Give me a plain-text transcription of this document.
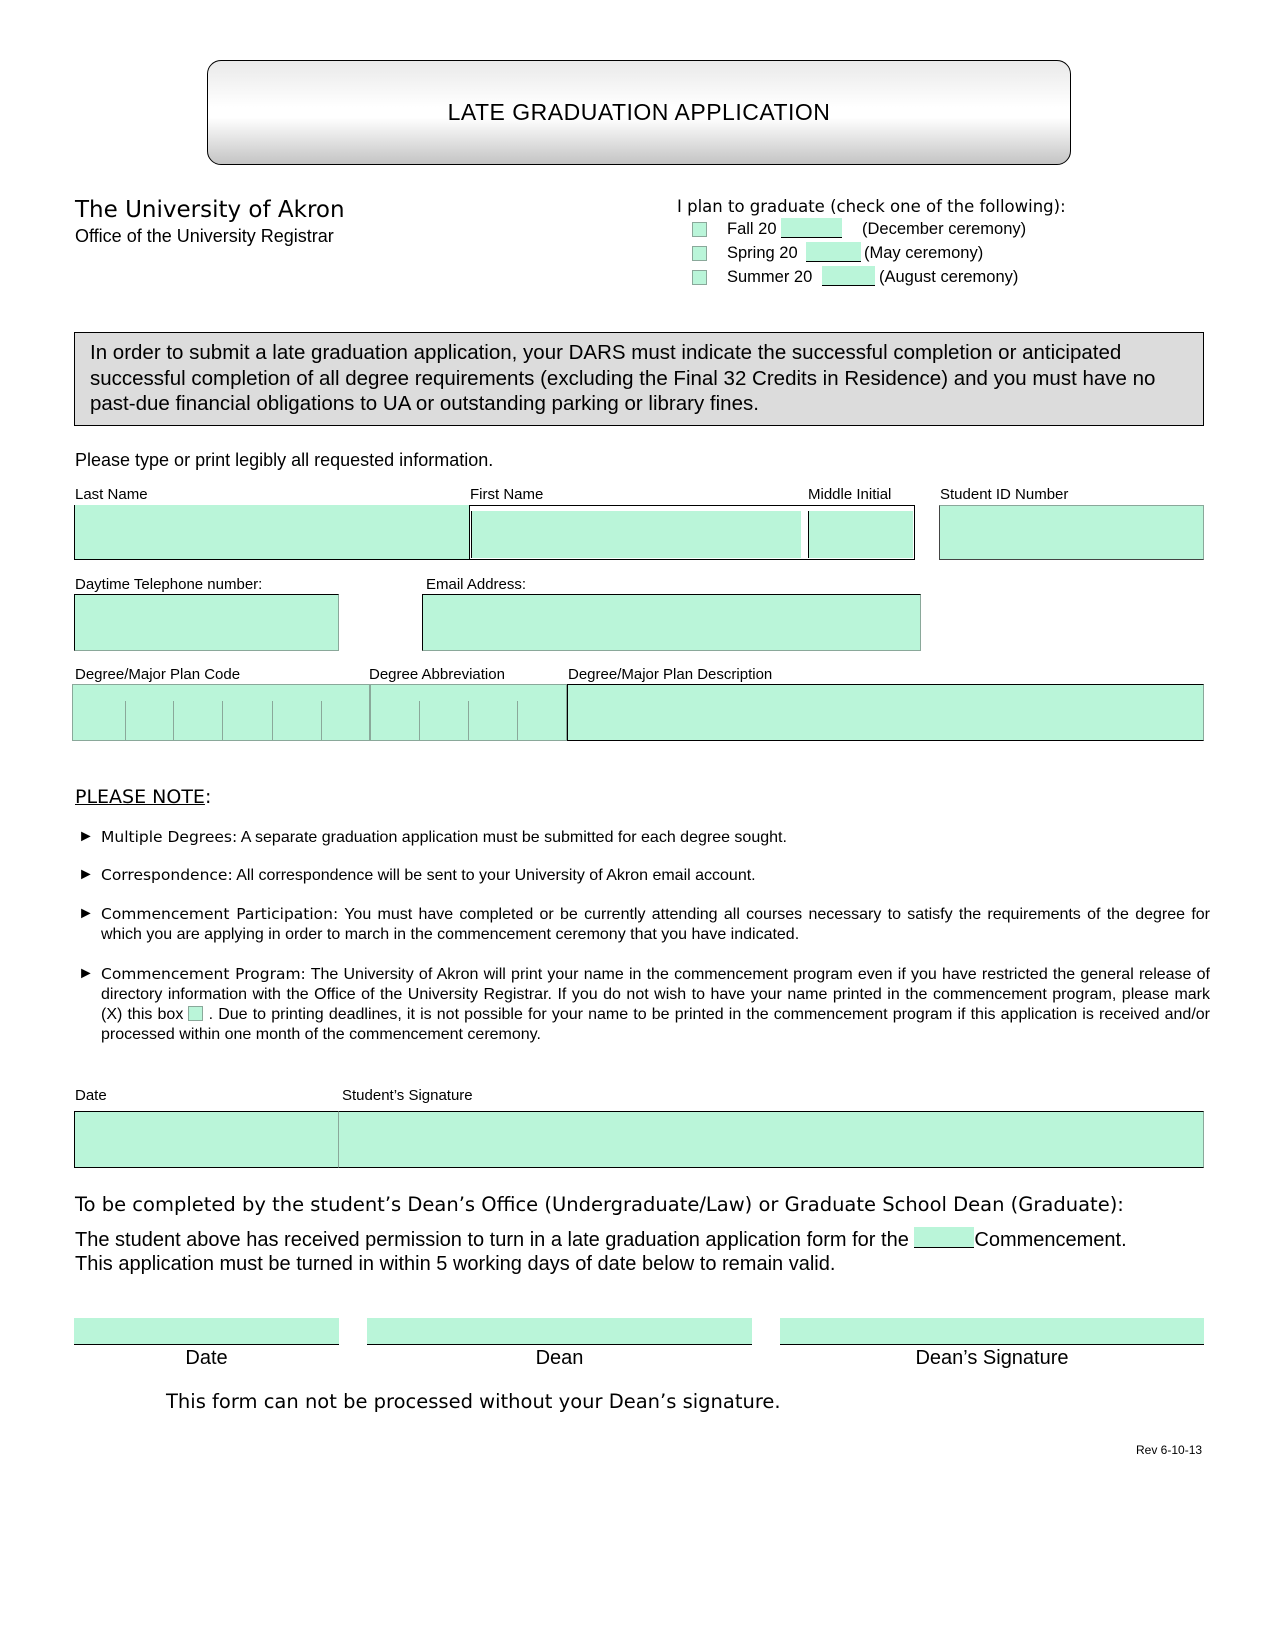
LATE GRADUATION APPLICATION
The University of Akron
Office of the University Registrar
I plan to graduate (check one of the following):
Fall 20	(December ceremony)
Spring 20	(May ceremony)
Summer 20	(August ceremony)
In order to submit a late graduation application, your DARS must indicate the successful completion or anticipated successful completion of all degree requirements (excluding the Final 32 Credits in Residence) and you must have no past-due financial obligations to UA or outstanding parking or library fines.
Please type or print legibly all requested information.
Last Name	First Name	Middle Initial	Student ID Number
Daytime Telephone number:	Email Address:
Degree/Major Plan Code	Degree Abbreviation	Degree/Major Plan Description
PLEASE NOTE:
► Multiple Degrees: A separate graduation application must be submitted for each degree sought.
► Correspondence: All correspondence will be sent to your University of Akron email account.
► Commencement Participation: You must have completed or be currently attending all courses necessary to satisfy the requirements of the degree for which you are applying in order to march in the commencement ceremony that you have indicated.
► Commencement Program: The University of Akron will print your name in the commencement program even if you have restricted the general release of directory information with the Office of the University Registrar. If you do not wish to have your name printed in the commencement program, please mark (X) this box  . Due to printing deadlines, it is not possible for your name to be printed in the commencement program if this application is received and/or processed within one month of the commencement ceremony.
Date	Student’s Signature
To be completed by the student’s Dean’s Office (Undergraduate/Law) or Graduate School Dean (Graduate):
The student above has received permission to turn in a late graduation application form for the	Commencement.
This application must be turned in within 5 working days of date below to remain valid.
Date	Dean	Dean’s Signature
This form can not be processed without your Dean’s signature.
Rev 6-10-13
